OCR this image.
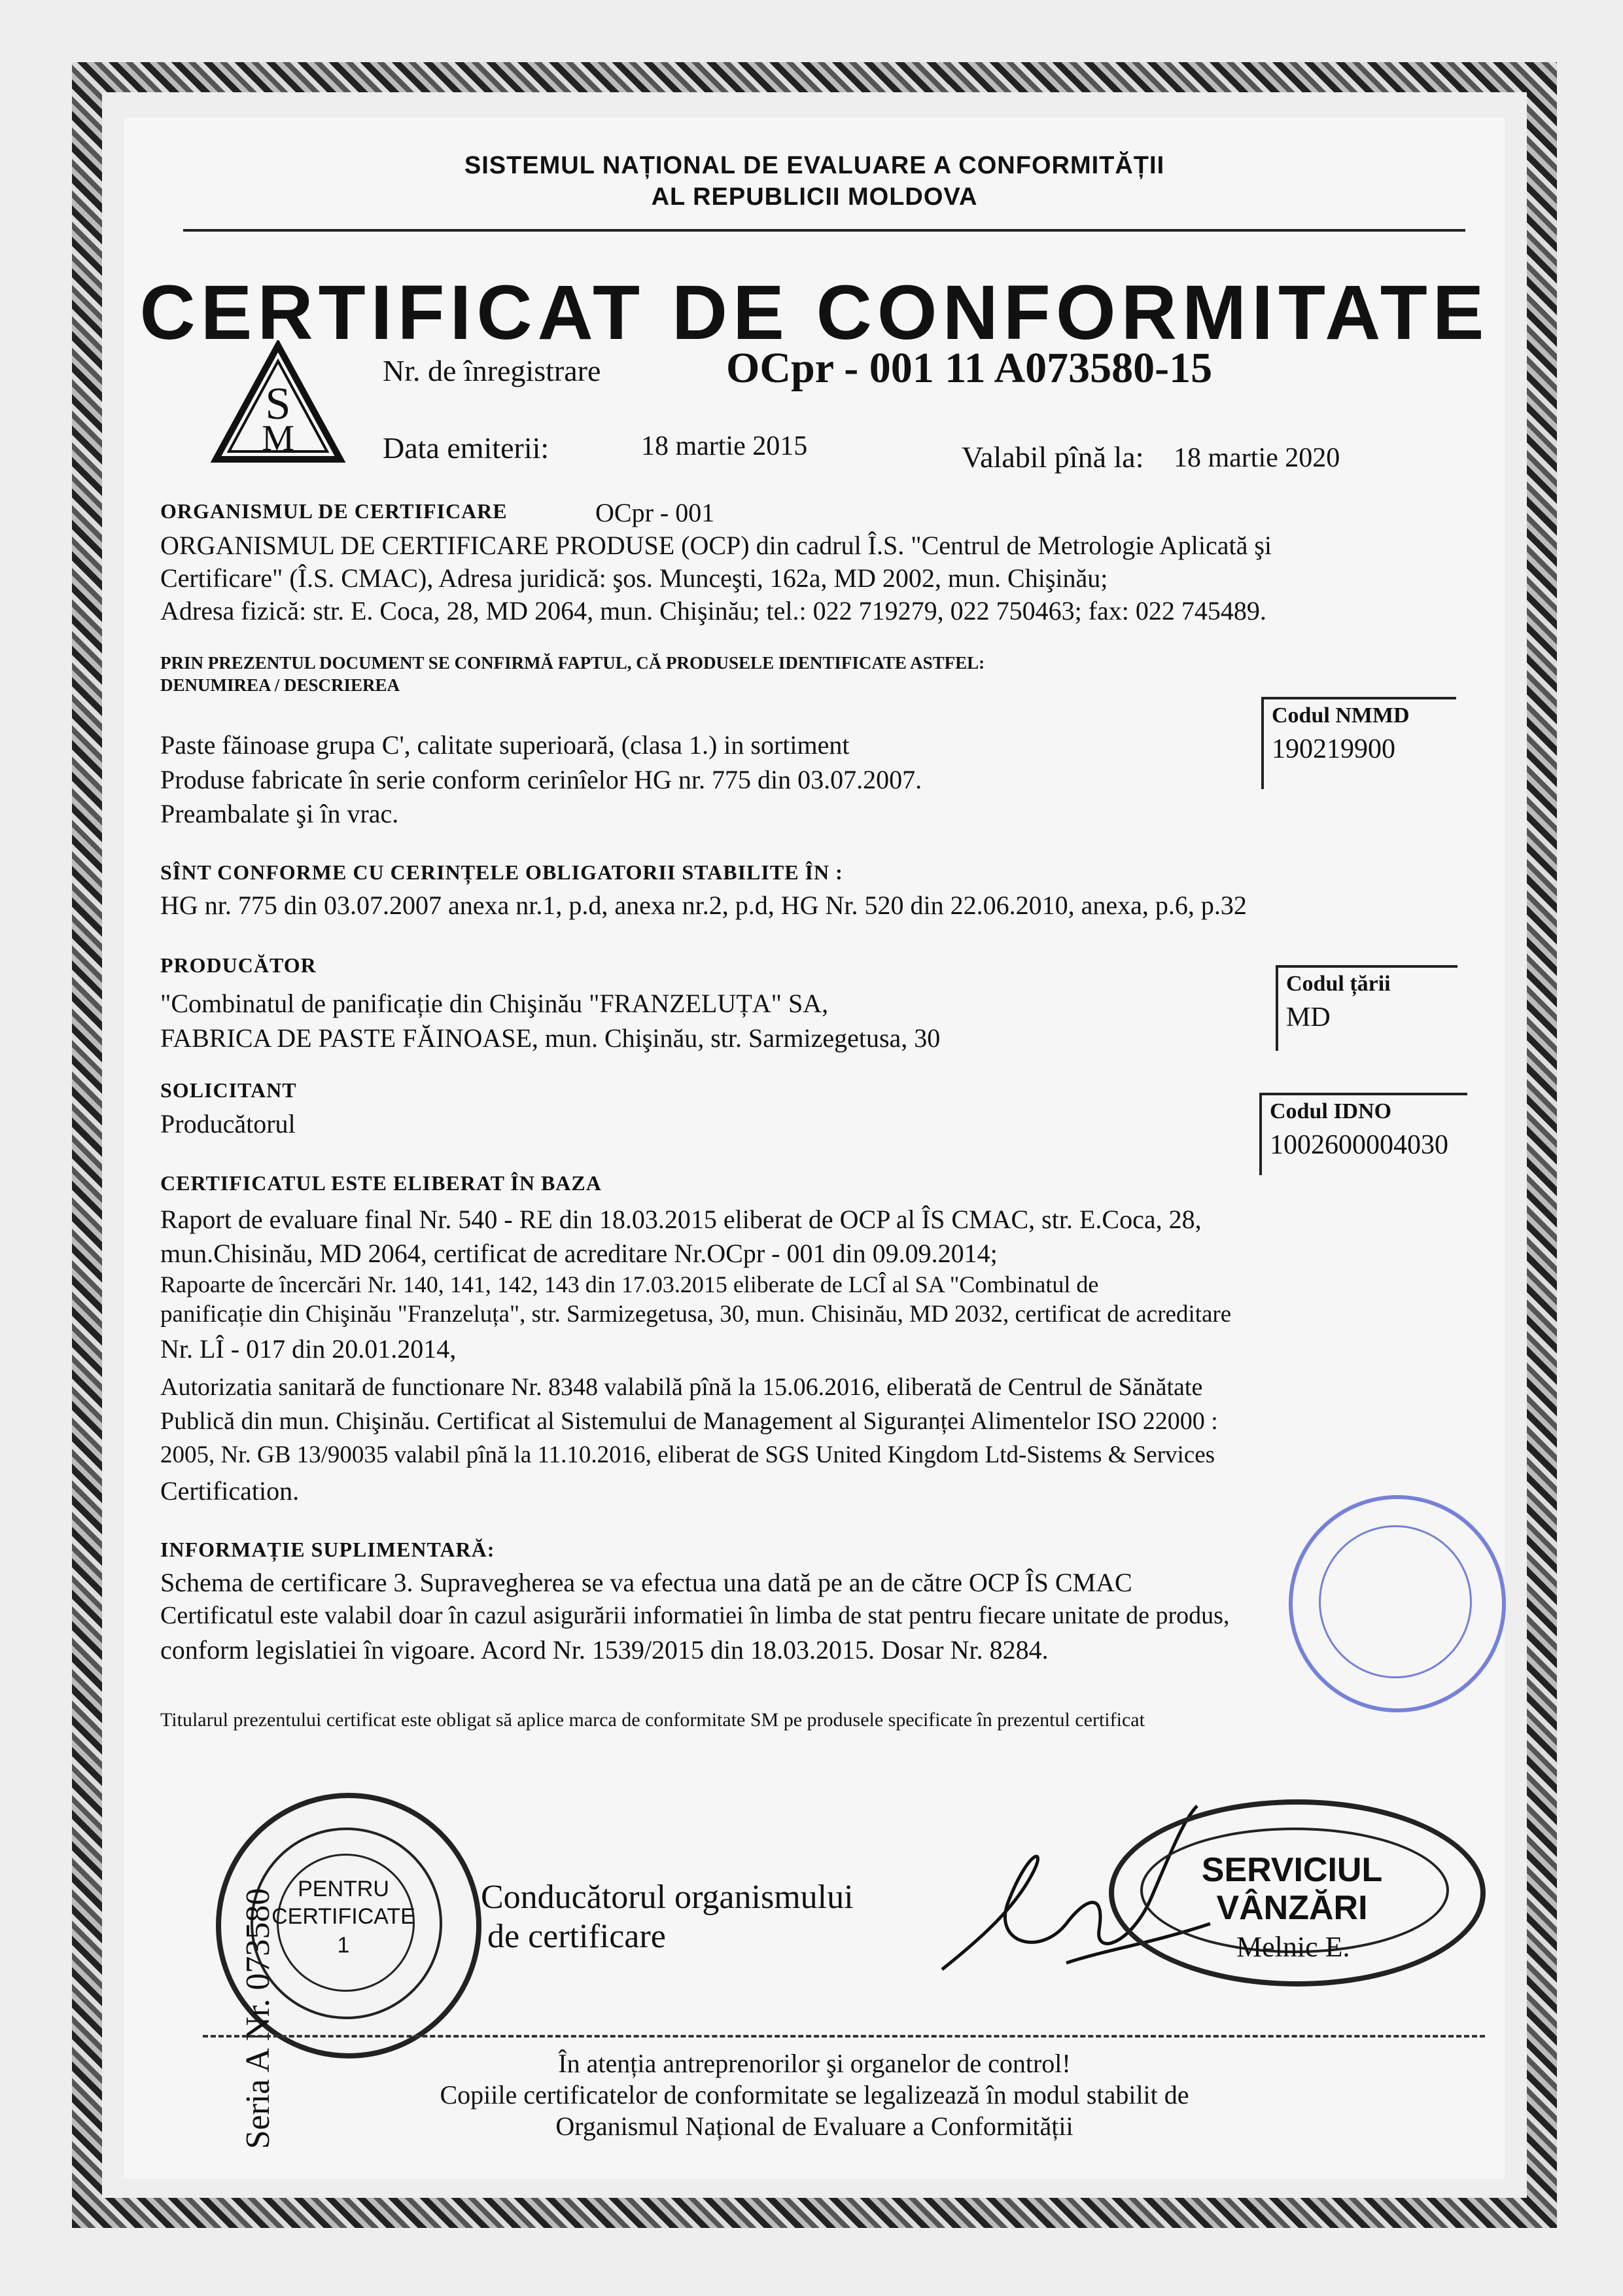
SISTEMUL NAȚIONAL DE EVALUARE A CONFORMITĂȚII
AL REPUBLICII MOLDOVA
CERTIFICAT DE CONFORMITATE
S
M
Nr. de înregistrare	OCpr - 001 11 A073580-15
Data emiterii:	18 martie 2015	Valabil pînă la: 18 martie 2020
ORGANISMUL DE CERTIFICARE	OCpr - 001
ORGANISMUL DE CERTIFICARE PRODUSE (OCP) din cadrul Î.S. "Centrul de Metrologie Aplicată şi
Certificare" (Î.S. CMAC), Adresa juridică: şos. Munceşti, 162a, MD 2002, mun. Chişinău;
Adresa fizică: str. E. Coca, 28, MD 2064, mun. Chişinău; tel.: 022 719279, 022 750463; fax: 022 745489.
PRIN PREZENTUL DOCUMENT SE CONFIRMĂ FAPTUL, CĂ PRODUSELE IDENTIFICATE ASTFEL:
DENUMIREA / DESCRIEREA
Paste făinoase grupa C', calitate superioară, (clasa 1.) in sortiment
Produse fabricate în serie conform cerinîelor HG nr. 775 din 03.07.2007.
Preambalate şi în vrac.
Codul NMMD
190219900
SÎNT CONFORME CU CERINȚELE OBLIGATORII STABILITE ÎN :
HG nr. 775 din 03.07.2007 anexa nr.1, p.d, anexa nr.2, p.d, HG Nr. 520 din 22.06.2010, anexa, p.6, p.32
PRODUCĂTOR
"Combinatul de panificație din Chişinău "FRANZELUȚA" SA,
FABRICA DE PASTE FĂINOASE, mun. Chişinău, str. Sarmizegetusa, 30
Codul țării
MD
SOLICITANT
Producătorul	Codul IDNO
1002600004030
CERTIFICATUL ESTE ELIBERAT ÎN BAZA
Raport de evaluare final Nr. 540 - RE din 18.03.2015 eliberat de OCP al ÎS CMAC, str. E.Coca, 28,
mun.Chisinău, MD 2064, certificat de acreditare Nr.OCpr - 001 din 09.09.2014;
Rapoarte de încercări Nr. 140, 141, 142, 143 din 17.03.2015 eliberate de LCÎ al SA "Combinatul de
panificație din Chişinău "Franzeluța", str. Sarmizegetusa, 30, mun. Chisinău, MD 2032, certificat de acreditare
Nr. LÎ - 017 din 20.01.2014,
Autorizatia sanitară de functionare Nr. 8348 valabilă pînă la 15.06.2016, eliberată de Centrul de Sănătate
Publică din mun. Chişinău. Certificat al Sistemului de Management al Siguranței Alimentelor ISO 22000 :
2005, Nr. GB 13/90035 valabil pînă la 11.10.2016, eliberat de SGS United Kingdom Ltd-Sistems & Services
Certification.
INFORMAȚIE SUPLIMENTARĂ:
Schema de certificare 3. Supravegherea se va efectua una dată pe an de către OCP ÎS CMAC
Certificatul este valabil doar în cazul asigurării informatiei în limba de stat pentru fiecare unitate de produs,
conform legislatiei în vigoare. Acord Nr. 1539/2015 din 18.03.2015. Dosar Nr. 8284.
Titularul prezentului certificat este obligat să aplice marca de conformitate SM pe produsele specificate în prezentul certificat
PENTRU
CERTIFICATE
1
Conducătorul organismului
de certificare
SERVICIUL
VÂNZĂRI
Melnic E.
Seria A Nr. 073580	În atenția antreprenorilor şi organelor de control!
Copiile certificatelor de conformitate se legalizează în modul stabilit de
Organismul Național de Evaluare a Conformității
